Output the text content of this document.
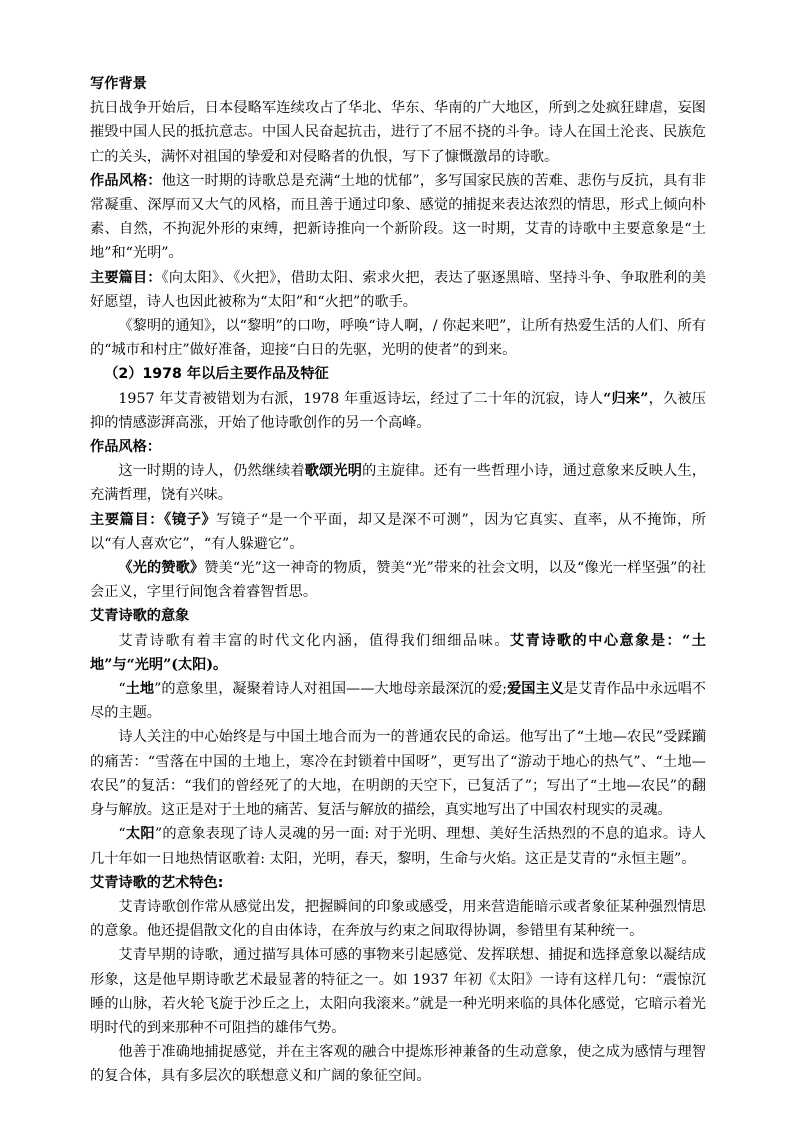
写作背景

抗日战争开始后，日本侵略军连续攻占了华北、华东、华南的广大地区，所到之处疯狂肆虐，妄图摧毁中国人民的抵抗意志。中国人民奋起抗击，进行了不屈不挠的斗争。诗人在国土沦丧、民族危亡的关头，满怀对祖国的挚爱和对侵略者的仇恨，写下了慷慨激昂的诗歌。

作品风格：他这一时期的诗歌总是充满“土地的忧郁”，多写国家民族的苦难、悲伤与反抗，具有非常凝重、深厚而又大气的风格，而且善于通过印象、感觉的捕捉来表达浓烈的情思，形式上倾向朴素、自然，不拘泥外形的束缚，把新诗推向一个新阶段。这一时期，艾青的诗歌中主要意象是“土地”和“光明”。

主要篇目：《向太阳》、《火把》，借助太阳、索求火把，表达了驱逐黑暗、坚持斗争、争取胜利的美好愿望，诗人也因此被称为“太阳”和“火把”的歌手。

《黎明的通知》，以“黎明”的口吻，呼唤“诗人啊，/ 你起来吧”，让所有热爱生活的人们、所有的“城市和村庄”做好准备，迎接“白日的先驱，光明的使者”的到来。

（2）1978 年以后主要作品及特征

1957 年艾青被错划为右派，1978 年重返诗坛，经过了二十年的沉寂，诗人“归来”，久被压抑的情感澎湃高涨，开始了他诗歌创作的另一个高峰。

作品风格：

这一时期的诗人，仍然继续着歌颂光明的主旋律。还有一些哲理小诗，通过意象来反映人生，充满哲理，饶有兴味。

主要篇目：《镜子》写镜子“是一个平面，却又是深不可测”，因为它真实、直率，从不掩饰，所以“有人喜欢它”，“有人躲避它”。

《光的赞歌》赞美“光”这一神奇的物质，赞美“光”带来的社会文明，以及“像光一样坚强”的社会正义，字里行间饱含着睿智哲思。

艾青诗歌的意象

艾青诗歌有着丰富的时代文化内涵，值得我们细细品味。艾青诗歌的中心意象是：“土地”与“光明”(太阳)。

“土地”的意象里，凝聚着诗人对祖国——大地母亲最深沉的爱;爱国主义是艾青作品中永远唱不尽的主题。

诗人关注的中心始终是与中国土地合而为一的普通农民的命运。他写出了“土地—农民”受蹂躏的痛苦：“雪落在中国的土地上，寒冷在封锁着中国呀”，更写出了“游动于地心的热气”、“土地—农民”的复活：“我们的曾经死了的大地，在明朗的天空下，已复活了”；写出了“土地—农民”的翻身与解放。这正是对于土地的痛苦、复活与解放的描绘，真实地写出了中国农村现实的灵魂。

“太阳”的意象表现了诗人灵魂的另一面: 对于光明、理想、美好生活热烈的不息的追求。诗人几十年如一日地热情讴歌着: 太阳，光明，春天，黎明，生命与火焰。这正是艾青的“永恒主题”。

艾青诗歌的艺术特色:

艾青诗歌创作常从感觉出发，把握瞬间的印象或感受，用来营造能暗示或者象征某种强烈情思的意象。他还提倡散文化的自由体诗，在奔放与约束之间取得协调，参错里有某种统一。

艾青早期的诗歌，通过描写具体可感的事物来引起感觉、发挥联想、捕捉和选择意象以凝结成形象，这是他早期诗歌艺术最显著的特征之一。如 1937 年初《太阳》一诗有这样几句：“震惊沉睡的山脉，若火轮飞旋于沙丘之上，太阳向我滚来。”就是一种光明来临的具体化感觉，它暗示着光明时代的到来那种不可阻挡的雄伟气势。

他善于准确地捕捉感觉，并在主客观的融合中提炼形神兼备的生动意象，使之成为感情与理智的复合体，具有多层次的联想意义和广阔的象征空间。
